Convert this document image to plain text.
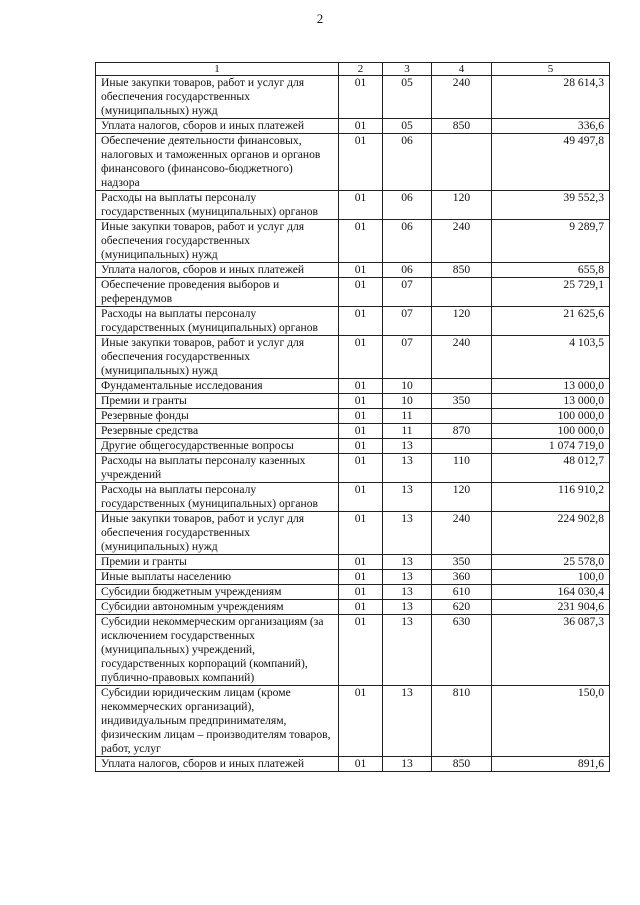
2
1	2	3	4	5
Иные закупки товаров, работ и услуг для обеспечения государственных (муниципальных) нужд	01	05	240	28 614,3
Уплата налогов, сборов и иных платежей	01	05	850	336,6
Обеспечение деятельности финансовых, налоговых и таможенных органов и органов финансового (финансово-бюджетного) надзора	01	06		49 497,8
Расходы на выплаты персоналу государственных (муниципальных) органов	01	06	120	39 552,3
Иные закупки товаров, работ и услуг для обеспечения государственных (муниципальных) нужд	01	06	240	9 289,7
Уплата налогов, сборов и иных платежей	01	06	850	655,8
Обеспечение проведения выборов и референдумов	01	07		25 729,1
Расходы на выплаты персоналу государственных (муниципальных) органов	01	07	120	21 625,6
Иные закупки товаров, работ и услуг для обеспечения государственных (муниципальных) нужд	01	07	240	4 103,5
Фундаментальные исследования	01	10		13 000,0
Премии и гранты	01	10	350	13 000,0
Резервные фонды	01	11		100 000,0
Резервные средства	01	11	870	100 000,0
Другие общегосударственные вопросы	01	13		1 074 719,0
Расходы на выплаты персоналу казенных учреждений	01	13	110	48 012,7
Расходы на выплаты персоналу государственных (муниципальных) органов	01	13	120	116 910,2
Иные закупки товаров, работ и услуг для обеспечения государственных (муниципальных) нужд	01	13	240	224 902,8
Премии и гранты	01	13	350	25 578,0
Иные выплаты населению	01	13	360	100,0
Субсидии бюджетным учреждениям	01	13	610	164 030,4
Субсидии автономным учреждениям	01	13	620	231 904,6
Субсидии некоммерческим организациям (за исключением государственных (муниципальных) учреждений, государственных корпораций (компаний), публично-правовых компаний)	01	13	630	36 087,3
Субсидии юридическим лицам (кроме некоммерческих организаций), индивидуальным предпринимателям, физическим лицам – производителям товаров, работ, услуг	01	13	810	150,0
Уплата налогов, сборов и иных платежей	01	13	850	891,6
